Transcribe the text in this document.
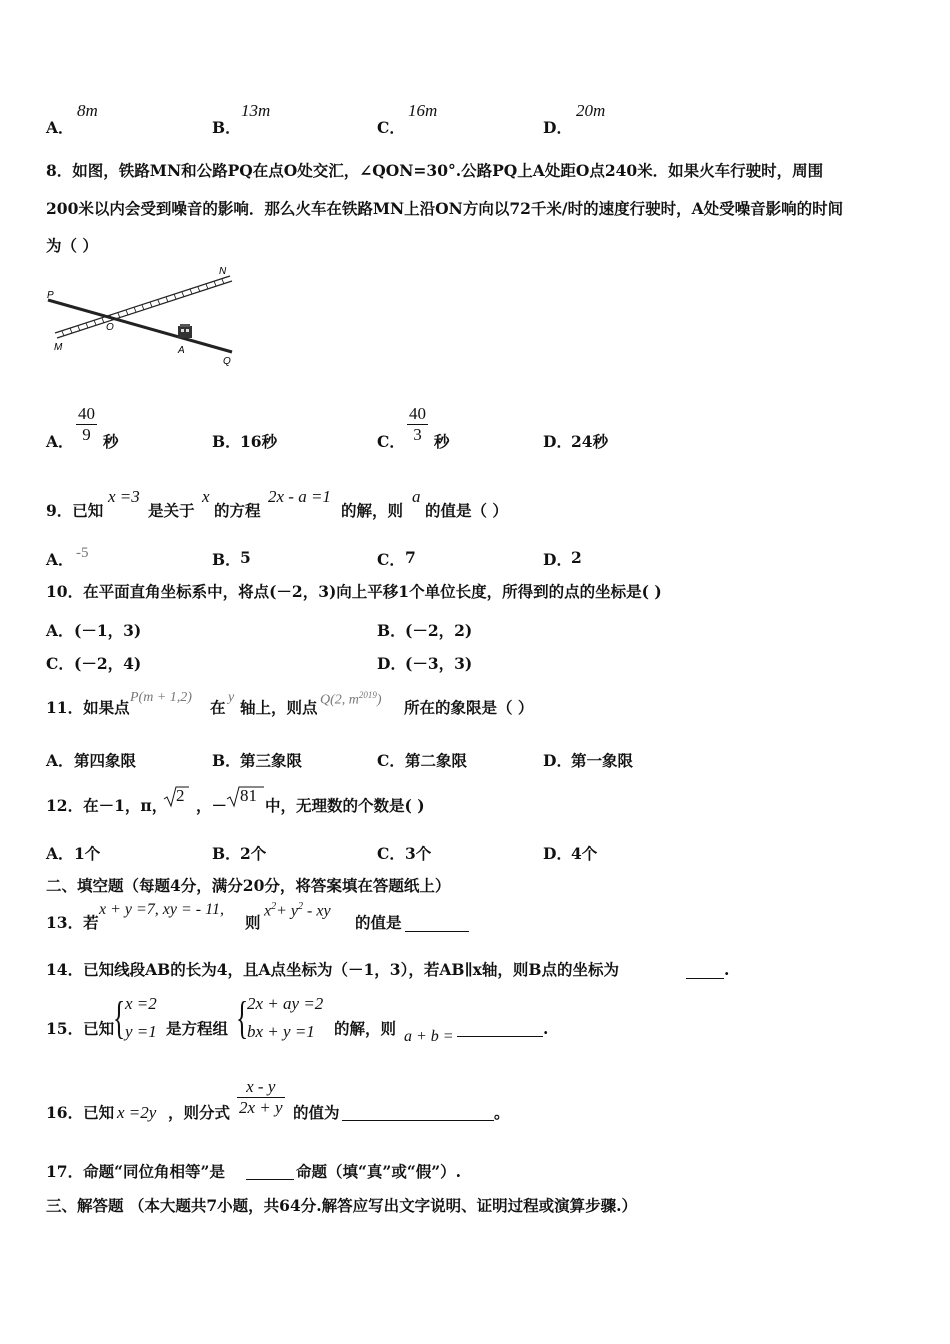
A．
8m
B．
13m
C．
16m
D．
20m
8．如图，铁路MN和公路PQ在点O处交汇，∠QON=30°.公路PQ上A处距O点240米．如果火车行驶时，周围
200米以内会受到噪音的影响．那么火车在铁路MN上沿ON方向以72千米/时的速度行驶时，A处受噪音影响的时间
为（ ）
P
N
O
M	A
Q
A． $\frac{40}{9}$ 秒	B． 16秒	C． $\frac{40}{3}$ 秒	D． 24秒
9．已知
x =3
是关于
x
的方程
2x - a =1
的解，则
a
的值是（ ）
A． -5	B． 5	C． 7	D． 2
10．在平面直角坐标系中，将点(－2，3)向上平移1个单位长度，所得到的点的坐标是( )
A． (－1，3)	B． (－2，2)
C． (－2，4)	D． (－3，3)
11．如果点
P(m + 1,2)
在
y
轴上，则点 Q(2, $m^{2019}$) 所在的象限是（ ）
A． 第四象限	B． 第三象限	C． 第二象限	D． 第一象限
12．在－1，π，
2
，－
81
中，无理数的个数是( )
A． 1个	B． 2个	C． 3个	D． 4个
二、填空题（每题4分，满分20分，将答案填在答题纸上）
13．若
x + y =7, xy = - 11,
则
$x^2+ y^2$ - xy
的值是
14．已知线段AB的长为4，且A点坐标为（－1，3），若AB∥x轴，则B点的坐标为	.
15．已知
{ x =2
y =1 是方程组 {
2x + ay =2
bx + y =1 的解，则 a + b =	.
16．已知 x =2y ，则分式 $\frac{x - y}{2x + y}$ 的值为	。
17．命题“同位角相等”是	命题（填“真”或“假”）.
三、解答题 （本大题共7小题，共64分.解答应写出文字说明、证明过程或演算步骤.）
